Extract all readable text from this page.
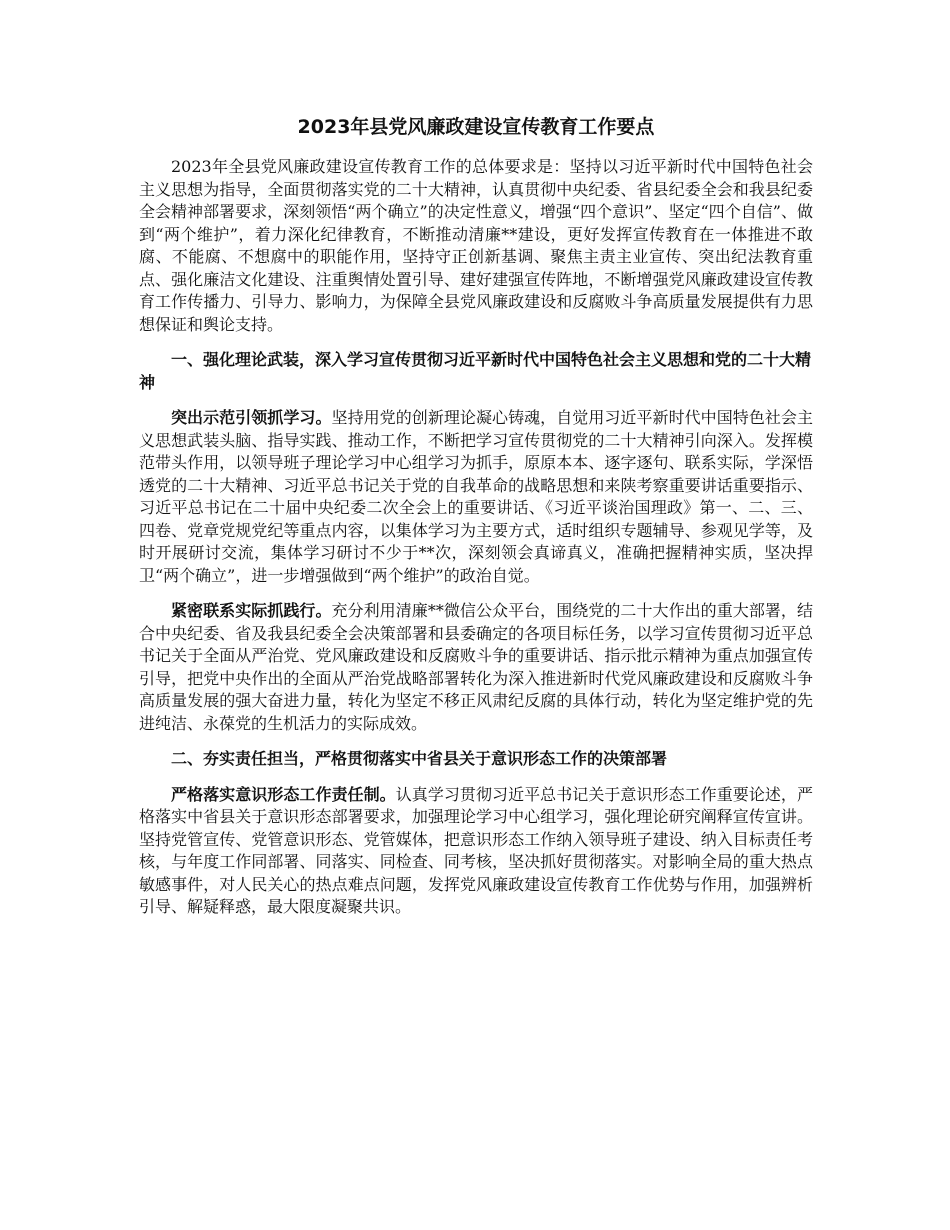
2023年县党风廉政建设宣传教育工作要点

2023年全县党风廉政建设宣传教育工作的总体要求是：坚持以习近平新时代中国特色社会主义思想为指导，全面贯彻落实党的二十大精神，认真贯彻中央纪委、省县纪委全会和我县纪委全会精神部署要求，深刻领悟“两个确立”的决定性意义，增强“四个意识”、坚定“四个自信”、做到“两个维护”，着力深化纪律教育，不断推动清廉**建设，更好发挥宣传教育在一体推进不敢腐、不能腐、不想腐中的职能作用，坚持守正创新基调、聚焦主责主业宣传、突出纪法教育重点、强化廉洁文化建设、注重舆情处置引导、建好建强宣传阵地，不断增强党风廉政建设宣传教育工作传播力、引导力、影响力，为保障全县党风廉政建设和反腐败斗争高质量发展提供有力思想保证和舆论支持。

一、强化理论武装，深入学习宣传贯彻习近平新时代中国特色社会主义思想和党的二十大精神

突出示范引领抓学习。坚持用党的创新理论凝心铸魂，自觉用习近平新时代中国特色社会主义思想武装头脑、指导实践、推动工作，不断把学习宣传贯彻党的二十大精神引向深入。发挥模范带头作用，以领导班子理论学习中心组学习为抓手，原原本本、逐字逐句、联系实际，学深悟透党的二十大精神、习近平总书记关于党的自我革命的战略思想和来陕考察重要讲话重要指示、习近平总书记在二十届中央纪委二次全会上的重要讲话、《习近平谈治国理政》第一、二、三、四卷、党章党规党纪等重点内容，以集体学习为主要方式，适时组织专题辅导、参观见学等，及时开展研讨交流，集体学习研讨不少于**次，深刻领会真谛真义，准确把握精神实质，坚决捍卫“两个确立”，进一步增强做到“两个维护”的政治自觉。

紧密联系实际抓践行。充分利用清廉**微信公众平台，围绕党的二十大作出的重大部署，结合中央纪委、省及我县纪委全会决策部署和县委确定的各项目标任务，以学习宣传贯彻习近平总书记关于全面从严治党、党风廉政建设和反腐败斗争的重要讲话、指示批示精神为重点加强宣传引导，把党中央作出的全面从严治党战略部署转化为深入推进新时代党风廉政建设和反腐败斗争高质量发展的强大奋进力量，转化为坚定不移正风肃纪反腐的具体行动，转化为坚定维护党的先进纯洁、永葆党的生机活力的实际成效。

二、夯实责任担当，严格贯彻落实中省县关于意识形态工作的决策部署

严格落实意识形态工作责任制。认真学习贯彻习近平总书记关于意识形态工作重要论述，严格落实中省县关于意识形态部署要求，加强理论学习中心组学习，强化理论研究阐释宣传宣讲。坚持党管宣传、党管意识形态、党管媒体，把意识形态工作纳入领导班子建设、纳入目标责任考核，与年度工作同部署、同落实、同检查、同考核，坚决抓好贯彻落实。对影响全局的重大热点敏感事件，对人民关心的热点难点问题，发挥党风廉政建设宣传教育工作优势与作用，加强辨析引导、解疑释惑，最大限度凝聚共识。
